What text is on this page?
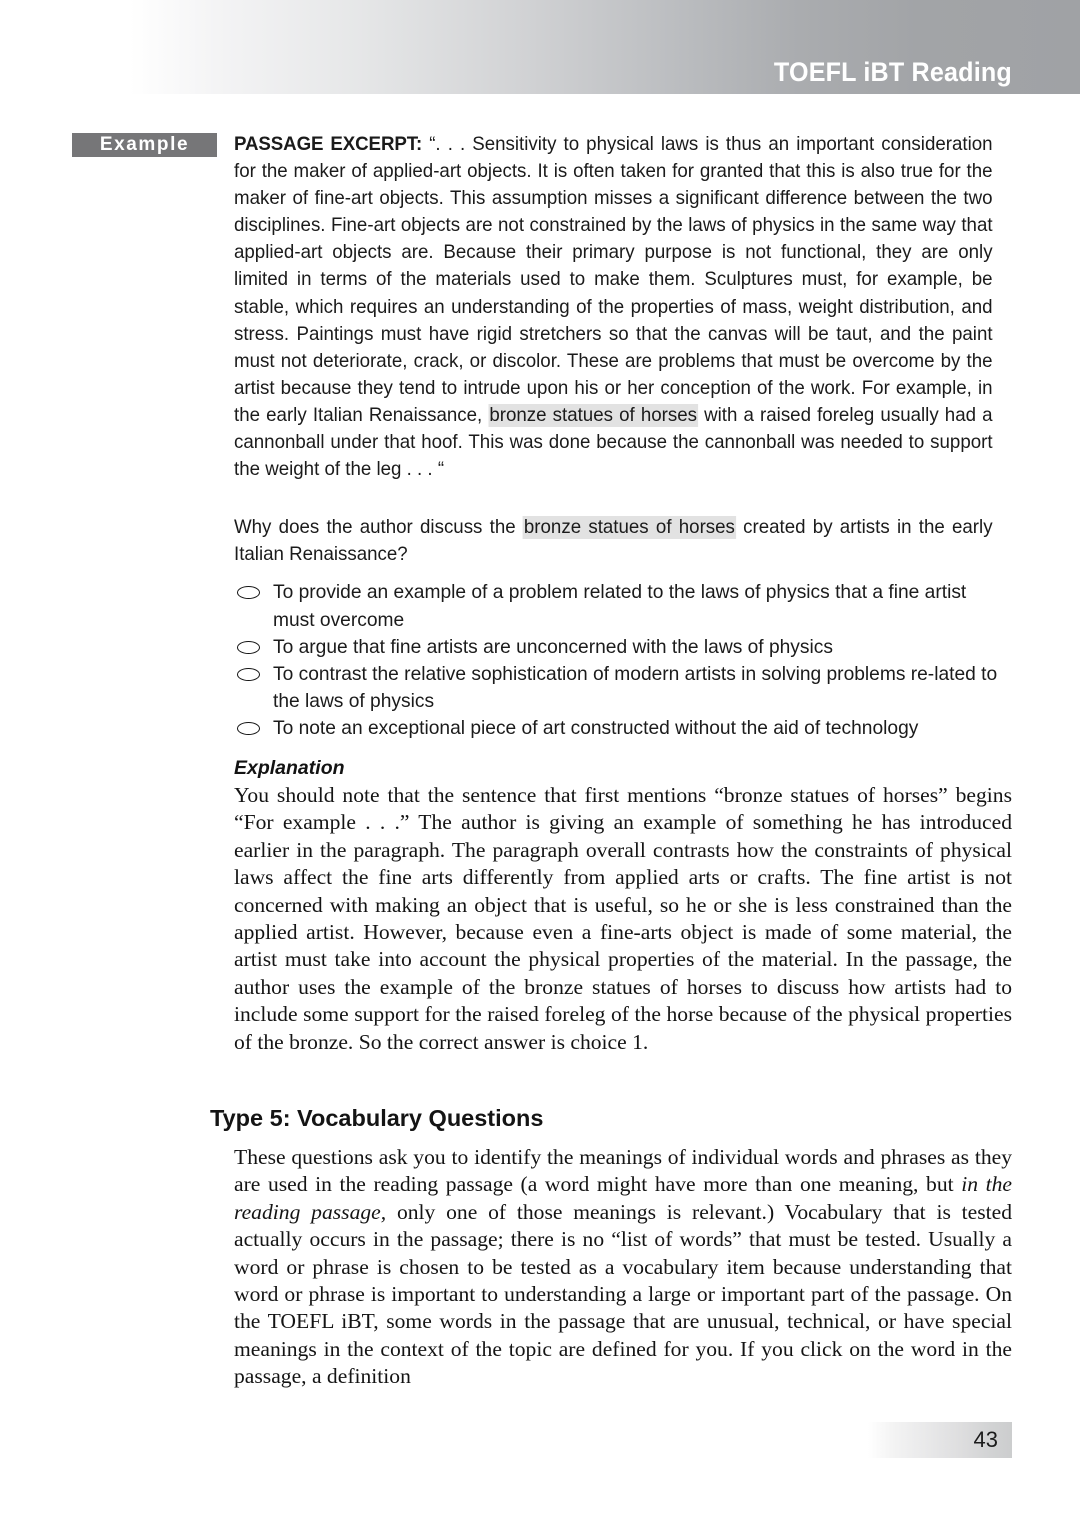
TOEFL iBT Reading
Example	PASSAGE EXCERPT: “. . . Sensitivity to physical laws is thus an important consideration for the maker of applied-art objects. It is often taken for granted that this is also true for the maker of fine-art objects. This assumption misses a significant difference between the two disciplines. Fine-art objects are not constrained by the laws of physics in the same way that applied-art objects are. Because their primary purpose is not functional, they are only limited in terms of the materials used to make them. Sculptures must, for example, be stable, which requires an understanding of the properties of mass, weight distribution, and stress. Paintings must have rigid stretchers so that the canvas will be taut, and the paint must not deteriorate, crack, or discolor. These are problems that must be overcome by the artist because they tend to intrude upon his or her conception of the work. For example, in the early Italian Renaissance, bronze statues of horses with a raised foreleg usually had a cannonball under that hoof. This was done because the cannonball was needed to support the weight of the leg . . . “

Why does the author discuss the bronze statues of horses created by artists in the early Italian Renaissance?

To provide an example of a problem related to the laws of physics that a fine artist must overcome
To argue that fine artists are unconcerned with the laws of physics
To contrast the relative sophistication of modern artists in solving problems re-lated to the laws of physics
To note an exceptional piece of art constructed without the aid of technology
Explanation

You should note that the sentence that first mentions “bronze statues of horses” begins “For example . . .” The author is giving an example of something he has introduced earlier in the paragraph. The paragraph overall contrasts how the constraints of physical laws affect the fine arts differently from applied arts or crafts. The fine artist is not concerned with making an object that is useful, so he or she is less constrained than the applied artist. However, because even a fine-arts object is made of some material, the artist must take into account the physical properties of the material. In the passage, the author uses the example of the bronze statues of horses to discuss how artists had to include some support for the raised foreleg of the horse because of the physical properties of the bronze. So the correct answer is choice 1.

Type 5: Vocabulary Questions
These questions ask you to identify the meanings of individual words and phrases as they are used in the reading passage (a word might have more than one meaning, but in the reading passage, only one of those meanings is relevant.) Vocabulary that is tested actually occurs in the passage; there is no “list of words” that must be tested. Usually a word or phrase is chosen to be tested as a vocabulary item because understanding that word or phrase is important to understanding a large or important part of the passage. On the TOEFL iBT, some words in the passage that are unusual, technical, or have special meanings in the context of the topic are defined for you. If you click on the word in the passage, a definition
43
